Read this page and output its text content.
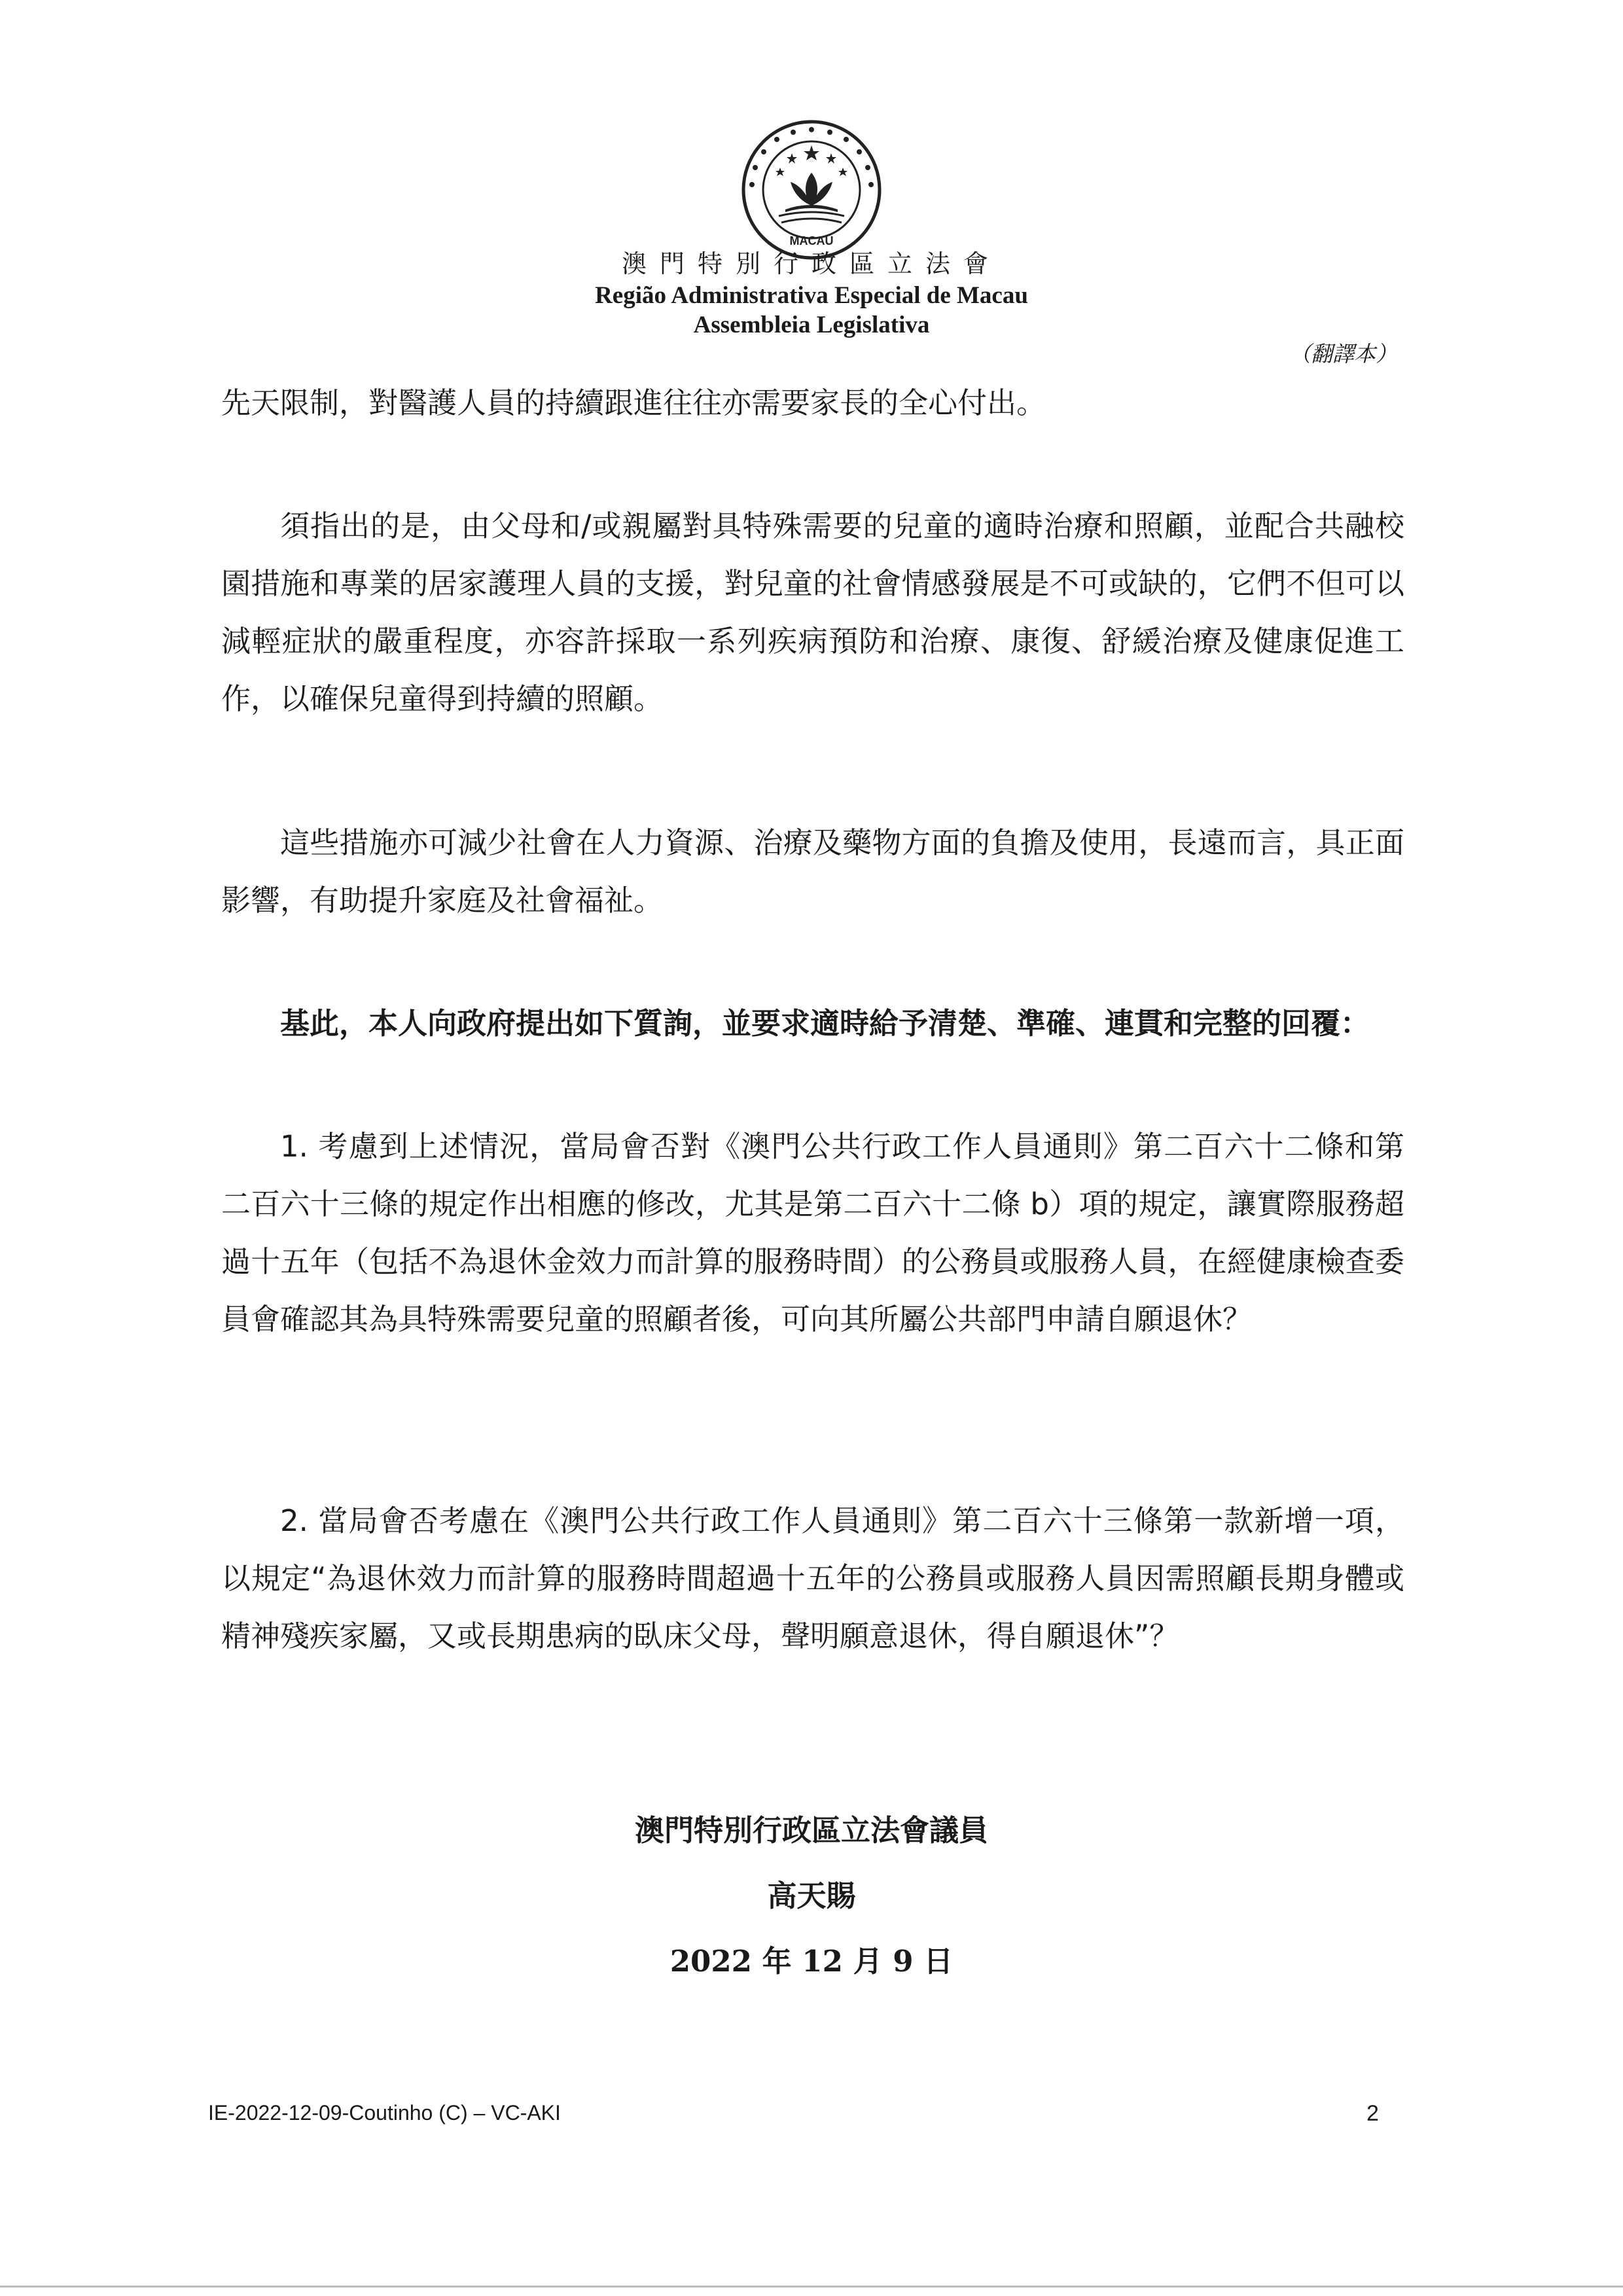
MACAU
澳門特別行政區立法會
Região Administrativa Especial de Macau
Assembleia Legislativa
（翻譯本）

先天限制，對醫護人員的持續跟進往往亦需要家長的全心付出。

須指出的是，由父母和/或親屬對具特殊需要的兒童的適時治療和照顧，並配合共融校園措施和專業的居家護理人員的支援，對兒童的社會情感發展是不可或缺的，它們不但可以減輕症狀的嚴重程度，亦容許採取一系列疾病預防和治療、康復、舒緩治療及健康促進工作，以確保兒童得到持續的照顧。

這些措施亦可減少社會在人力資源、治療及藥物方面的負擔及使用，長遠而言，具正面影響，有助提升家庭及社會福祉。

基此，本人向政府提出如下質詢，並要求適時給予清楚、準確、連貫和完整的回覆：

1. 考慮到上述情況，當局會否對《澳門公共行政工作人員通則》第二百六十二條和第二百六十三條的規定作出相應的修改，尤其是第二百六十二條 b）項的規定，讓實際服務超過十五年（包括不為退休金效力而計算的服務時間）的公務員或服務人員，在經健康檢查委員會確認其為具特殊需要兒童的照顧者後，可向其所屬公共部門申請自願退休？

2. 當局會否考慮在《澳門公共行政工作人員通則》第二百六十三條第一款新增一項，以規定“為退休效力而計算的服務時間超過十五年的公務員或服務人員因需照顧長期身體或精神殘疾家屬，又或長期患病的臥床父母，聲明願意退休，得自願退休”？

澳門特別行政區立法會議員
高天賜
2022 年 12 月 9 日
IE-2022-12-09-Coutinho (C) – VC-AKI	2
